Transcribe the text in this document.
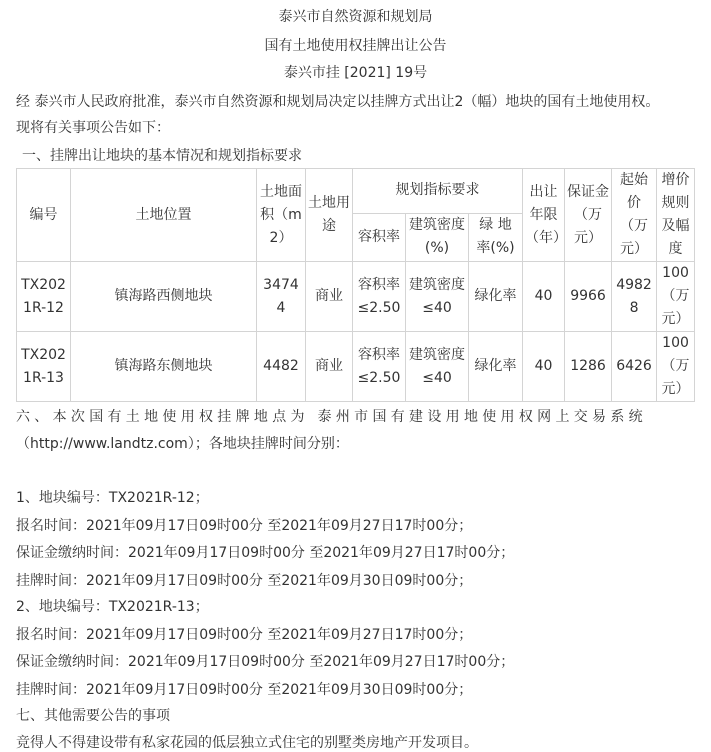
泰兴市自然资源和规划局
国有土地使用权挂牌出让公告
泰兴市挂 [2021] 19号
经 泰兴市人民政府批准，泰兴市自然资源和规划局决定以挂牌方式出让2（幅）地块的国有土地使用权。
现将有关事项公告如下：
一、挂牌出让地块的基本情况和规划指标要求
编号	土地位置	土地面积（m2）	土地用途	规划指标要求			出让年限（年）	保证金（万元）	起始价（万元）	增价规则及幅度
				容积率	建筑密度(%)	绿 地 率(%)				
TX2021R-12	镇海路西侧地块	34744	商业	容积率≤2.50	建筑密度≤40	绿化率	40	9966	49828	100（万元）
TX2021R-13	镇海路东侧地块	4482	商业	容积率≤2.50	建筑密度≤40	绿化率	40	1286	6426	100（万元）
六、本次国有土地使用权挂牌地点为 泰州市国有建设用地使用权网上交易系统
（http://www.landtz.com）；各地块挂牌时间分别：
1、地块编号：TX2021R-12；
报名时间：2021年09月17日09时00分 至2021年09月27日17时00分；
保证金缴纳时间：2021年09月17日09时00分 至2021年09月27日17时00分；
挂牌时间：2021年09月17日09时00分 至2021年09月30日09时00分；
2、地块编号：TX2021R-13；
报名时间：2021年09月17日09时00分 至2021年09月27日17时00分；
保证金缴纳时间：2021年09月17日09时00分 至2021年09月27日17时00分；
挂牌时间：2021年09月17日09时00分 至2021年09月30日09时00分；
七、其他需要公告的事项
竞得人不得建设带有私家花园的低层独立式住宅的别墅类房地产开发项目。
